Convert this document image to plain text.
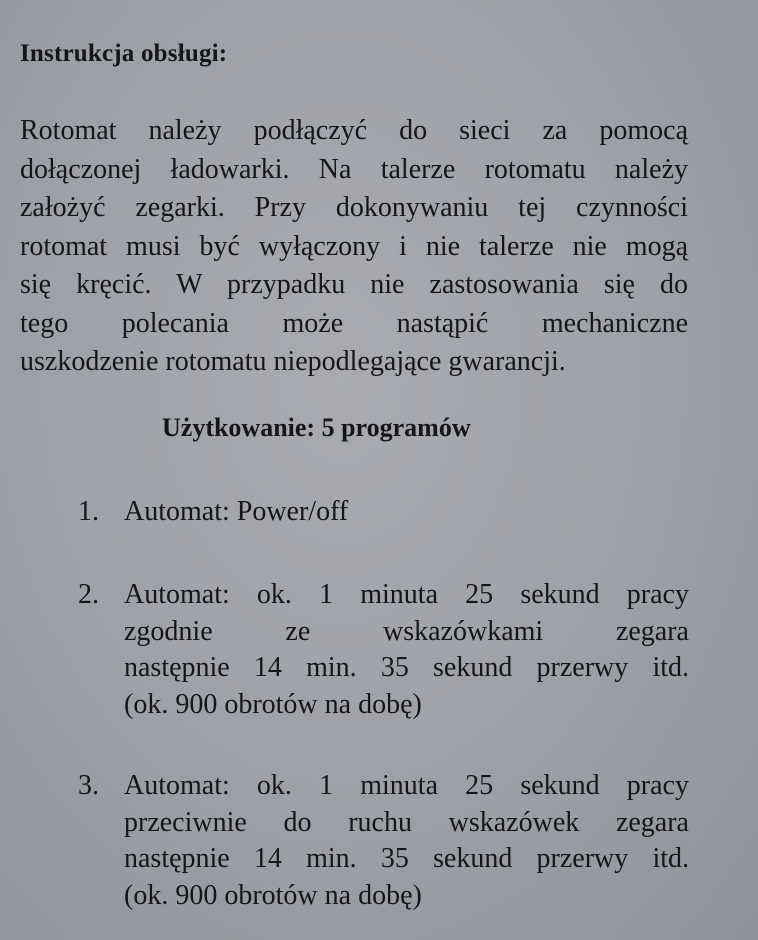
Instrukcja obsługi:
Rotomat należy podłączyć do sieci za pomocą
dołączonej ładowarki. Na talerze rotomatu należy
założyć zegarki. Przy dokonywaniu tej czynności
rotomat musi być wyłączony i nie talerze nie mogą
się kręcić. W przypadku nie zastosowania się do
tego polecania może nastąpić mechaniczne
uszkodzenie rotomatu niepodlegające gwarancji.
Użytkowanie: 5 programów
1. Automat: Power/off
2. Automat: ok. 1 minuta 25 sekund pracy
zgodnie ze wskazówkami zegara
następnie 14 min. 35 sekund przerwy itd.
(ok. 900 obrotów na dobę)
3. Automat: ok. 1 minuta 25 sekund pracy
przeciwnie do ruchu wskazówek zegara
następnie 14 min. 35 sekund przerwy itd.
(ok. 900 obrotów na dobę)
